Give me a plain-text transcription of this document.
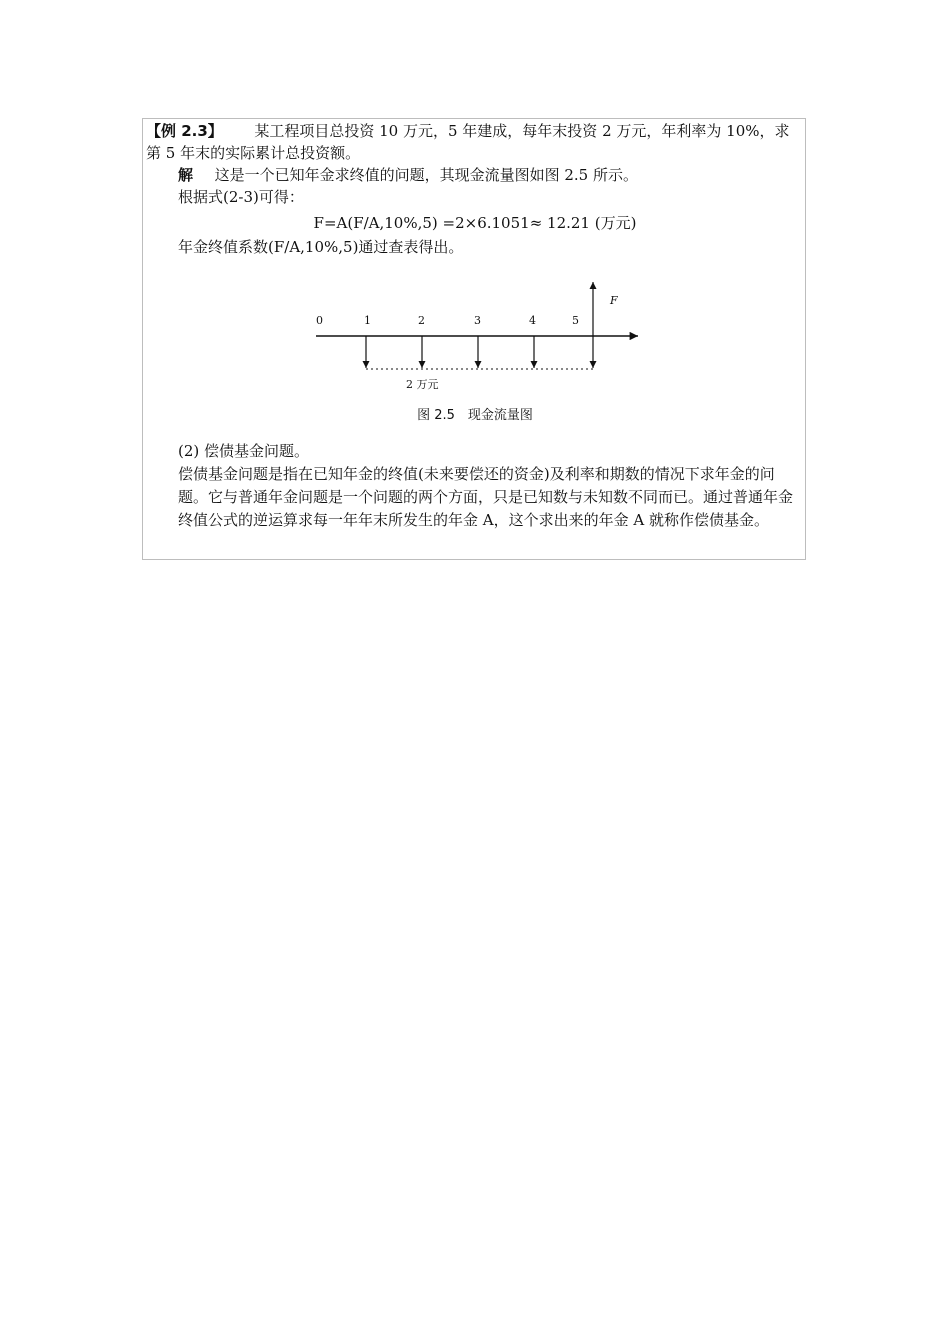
【例 2.3】 某工程项目总投资 10 万元，5 年建成，每年末投资 2 万元，年利率为 10%，求第 5 年末的实际累计总投资额。

解 这是一个已知年金求终值的问题，其现金流量图如图 2.5 所示。

根据式(2-3)可得：

F=A(F/A,10%,5) =2×6.1051≈ 12.21 (万元)

年金终值系数(F/A,10%,5)通过查表得出。

0	1	2	3	4	5
F
2 万元
图 2.5　现金流量图

(2) 偿债基金问题。

偿债基金问题是指在已知年金的终值(未来要偿还的资金)及利率和期数的情况下求年金的问题。它与普通年金问题是一个问题的两个方面，只是已知数与未知数不同而已。通过普通年金终值公式的逆运算求每一年年末所发生的年金 A，这个求出来的年金 A 就称作偿债基金。
